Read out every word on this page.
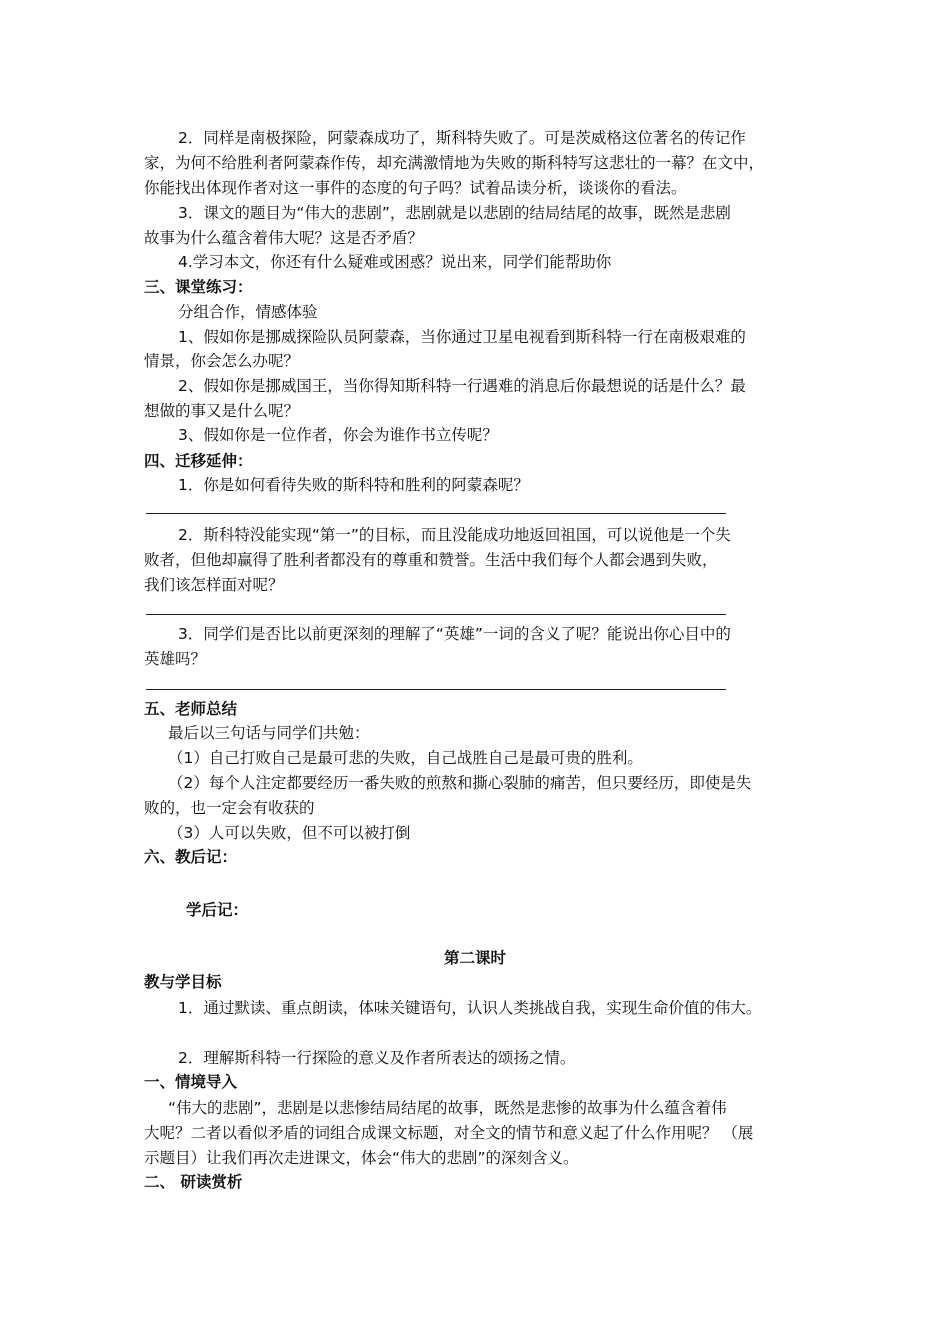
2．同样是南极探险，阿蒙森成功了，斯科特失败了。可是茨威格这位著名的传记作
家，为何不给胜利者阿蒙森作传，却充满激情地为失败的斯科特写这悲壮的一幕？在文中，
你能找出体现作者对这一事件的态度的句子吗？试着品读分析，谈谈你的看法。
3．课文的题目为“伟大的悲剧”，悲剧就是以悲剧的结局结尾的故事，既然是悲剧
故事为什么蕴含着伟大呢？这是否矛盾？
4.学习本文，你还有什么疑难或困惑？说出来，同学们能帮助你
三、课堂练习：
分组合作，情感体验
1、假如你是挪威探险队员阿蒙森，当你通过卫星电视看到斯科特一行在南极艰难的
情景，你会怎么办呢？
2、假如你是挪威国王，当你得知斯科特一行遇难的消息后你最想说的话是什么？最
想做的事又是什么呢？
3、假如你是一位作者，你会为谁作书立传呢？
四、迁移延伸：
1．你是如何看待失败的斯科特和胜利的阿蒙森呢？
2．斯科特没能实现“第一”的目标，而且没能成功地返回祖国，可以说他是一个失
败者，但他却赢得了胜利者都没有的尊重和赞誉。生活中我们每个人都会遇到失败，
我们该怎样面对呢？
3．同学们是否比以前更深刻的理解了“英雄”一词的含义了呢？能说出你心目中的
英雄吗？
五、老师总结
最后以三句话与同学们共勉：
（1）自己打败自己是最可悲的失败，自己战胜自己是最可贵的胜利。
（2）每个人注定都要经历一番失败的煎熬和撕心裂肺的痛苦，但只要经历，即使是失
败的，也一定会有收获的
（3）人可以失败，但不可以被打倒
六、教后记：
学后记：
第二课时
教与学目标
1．通过默读、重点朗读，体味关键语句，认识人类挑战自我，实现生命价值的伟大。
2．理解斯科特一行探险的意义及作者所表达的颂扬之情。
一、情境导入
“伟大的悲剧”，悲剧是以悲惨结局结尾的故事，既然是悲惨的故事为什么蕴含着伟
大呢？二者以看似矛盾的词组合成课文标题，对全文的情节和意义起了什么作用呢？ （展
示题目）让我们再次走进课文，体会“伟大的悲剧”的深刻含义。
二、 研读赏析
